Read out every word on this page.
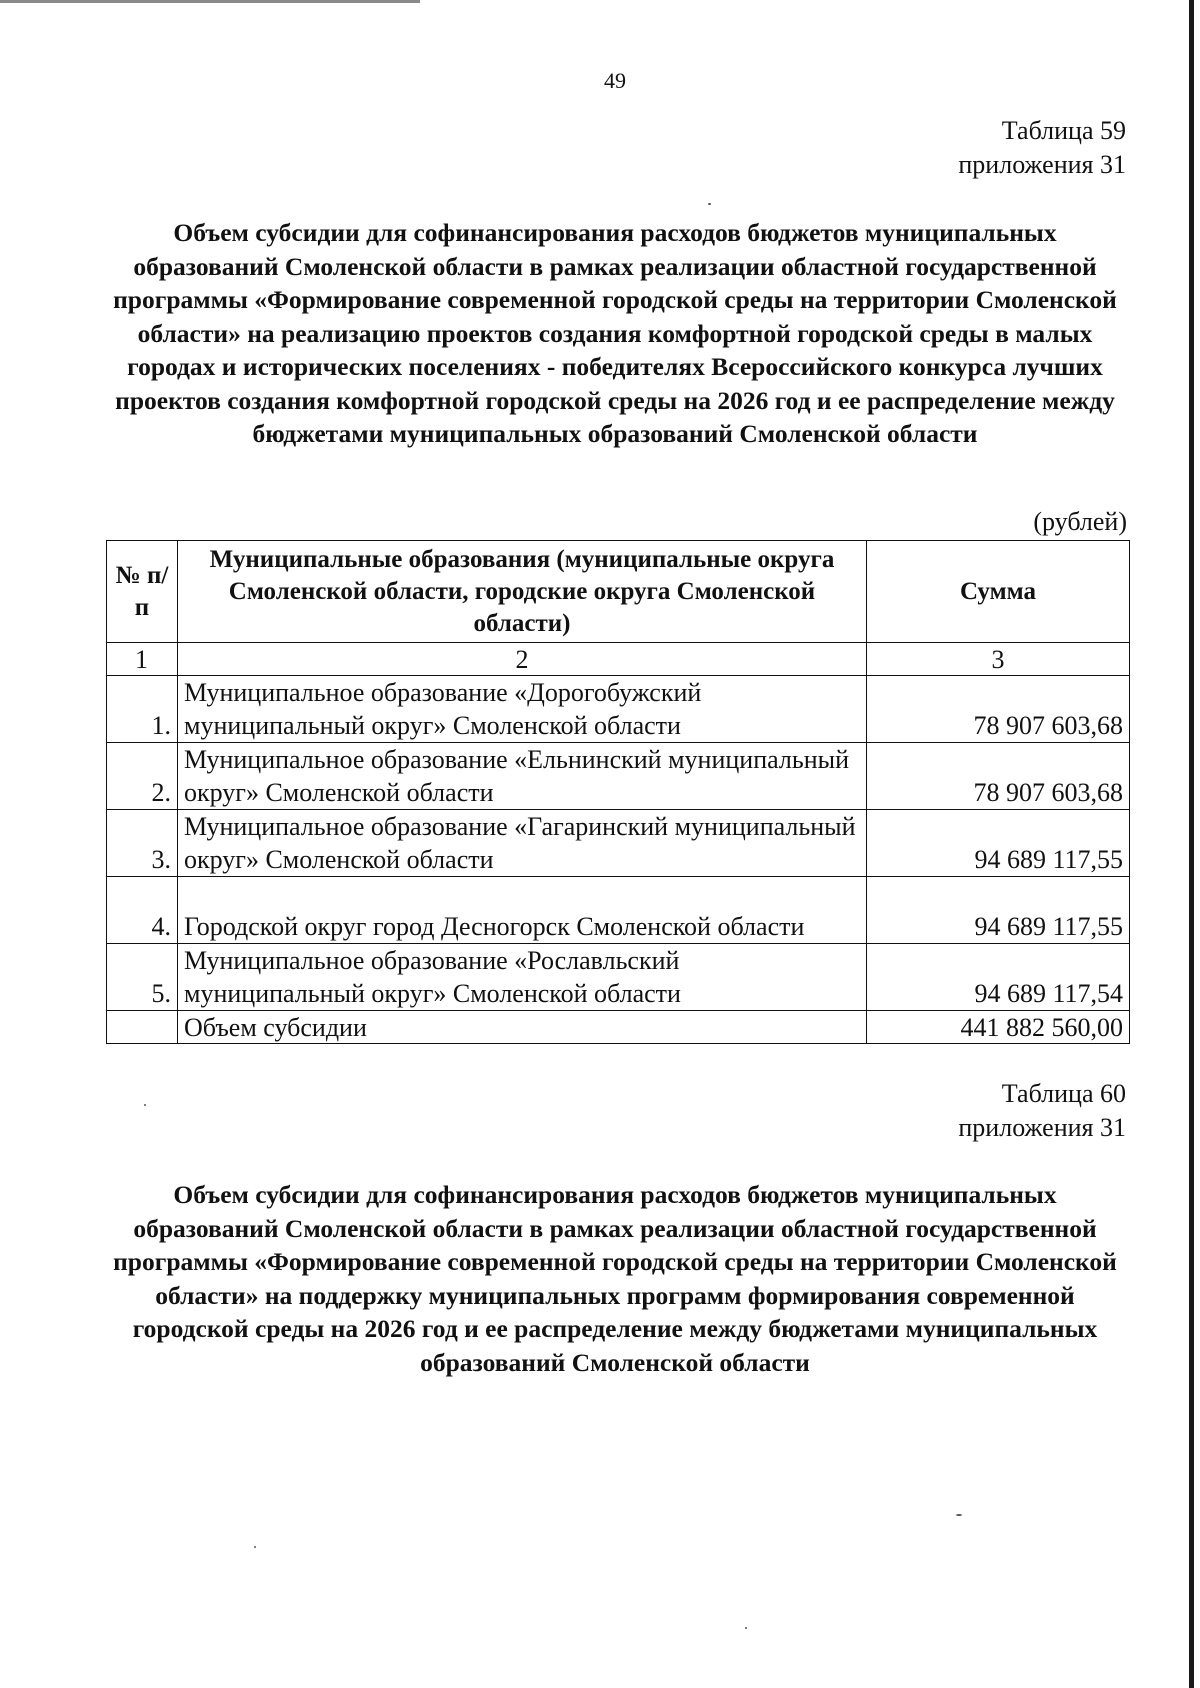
49
Таблица 59
приложения 31
Объем субсидии для софинансирования расходов бюджетов муниципальных образований Смоленской области в рамках реализации областной государственной программы «Формирование современной городской среды на территории Смоленской области» на реализацию проектов создания комфортной городской среды в малых городах и исторических поселениях - победителях Всероссийского конкурса лучших проектов создания комфортной городской среды на 2026 год и ее распределение между бюджетами муниципальных образований Смоленской области
(рублей)
№ п/п	Муниципальные образования (муниципальные округа Смоленской области, городские округа Смоленской области)	Сумма
1	2	3
1.	Муниципальное образование «Дорогобужский муниципальный округ» Смоленской области	78 907 603,68
2.	Муниципальное образование «Ельнинский муниципальный округ» Смоленской области	78 907 603,68
3.	Муниципальное образование «Гагаринский муниципальный округ» Смоленской области	94 689 117,55
4.	Городской округ город Десногорск Смоленской области	94 689 117,55
5.	Муниципальное образование «Рославльский муниципальный округ» Смоленской области	94 689 117,54
	Объем субсидии	441 882 560,00
Таблица 60
приложения 31
Объем субсидии для софинансирования расходов бюджетов муниципальных образований Смоленской области в рамках реализации областной государственной программы «Формирование современной городской среды на территории Смоленской области» на поддержку муниципальных программ формирования современной городской среды на 2026 год и ее распределение между бюджетами муниципальных образований Смоленской области
